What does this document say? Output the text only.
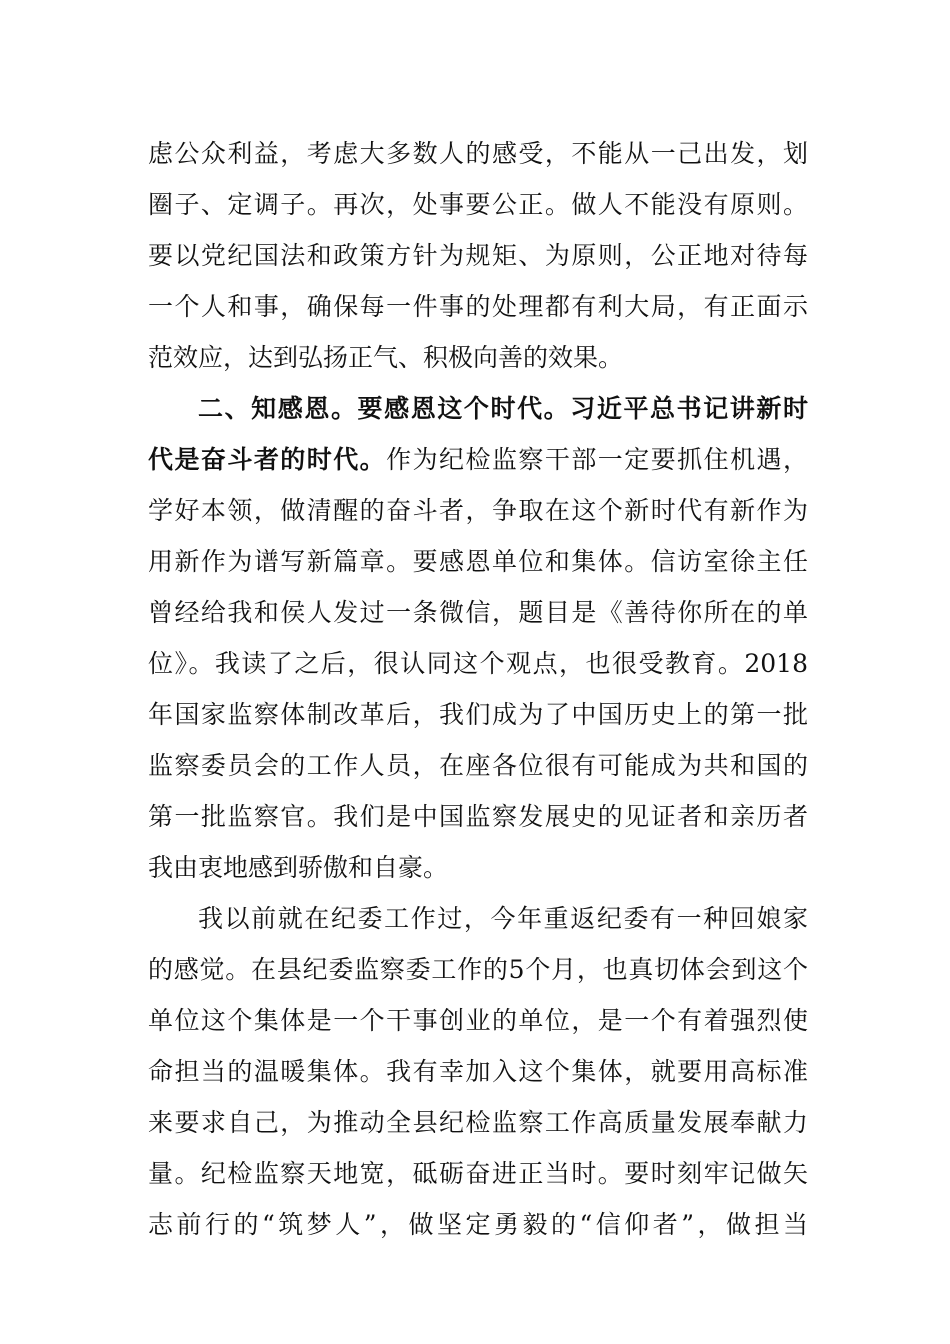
虑公众利益，考虑大多数人的感受，不能从一己出发，划
圈子、定调子。再次，处事要公正。做人不能没有原则。
要以党纪国法和政策方针为规矩、为原则，公正地对待每
一个人和事，确保每一件事的处理都有利大局，有正面示
范效应，达到弘扬正气、积极向善的效果。
二、知感恩。要感恩这个时代。习近平总书记讲新时
代是奋斗者的时代。作为纪检监察干部一定要抓住机遇，
学好本领，做清醒的奋斗者，争取在这个新时代有新作为
用新作为谱写新篇章。要感恩单位和集体。信访室徐主任
曾经给我和侯人发过一条微信，题目是《善待你所在的单
位》。我读了之后，很认同这个观点，也很受教育。2018
年国家监察体制改革后，我们成为了中国历史上的第一批
监察委员会的工作人员，在座各位很有可能成为共和国的
第一批监察官。我们是中国监察发展史的见证者和亲历者
我由衷地感到骄傲和自豪。
我以前就在纪委工作过，今年重返纪委有一种回娘家
的感觉。在县纪委监察委工作的5个月，也真切体会到这个
单位这个集体是一个干事创业的单位，是一个有着强烈使
命担当的温暖集体。我有幸加入这个集体，就要用高标准
来要求自己，为推动全县纪检监察工作高质量发展奉献力
量。纪检监察天地宽，砥砺奋进正当时。要时刻牢记做矢
志前行的“筑梦人”，做坚定勇毅的“信仰者”，做担当
